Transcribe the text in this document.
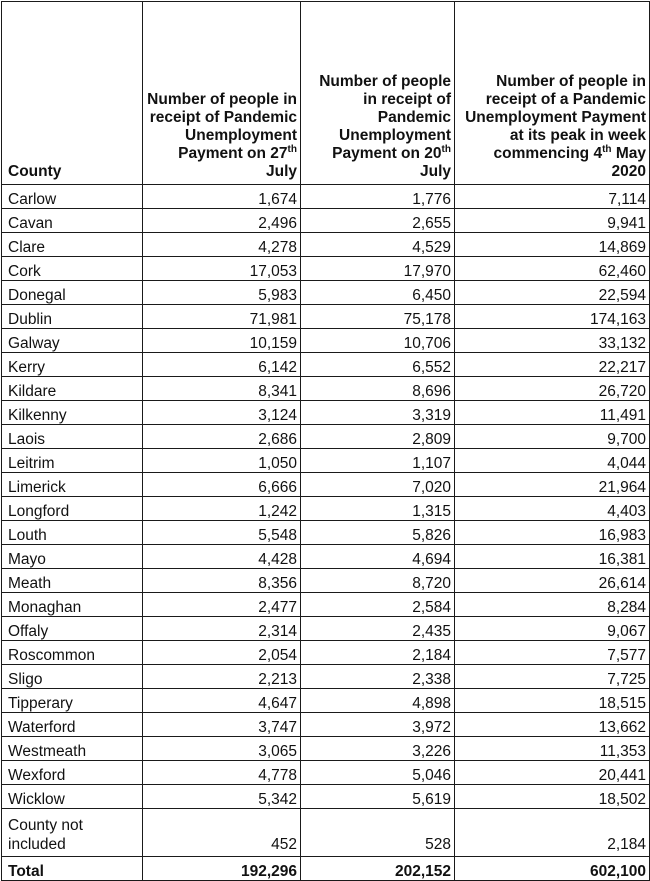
County	Number of people in receipt of Pandemic Unemployment Payment on 27th July	Number of people in receipt of Pandemic Unemployment Payment on 20th July	Number of people in receipt of a Pandemic Unemployment Payment at its peak in week commencing 4th May 2020
Carlow	1,674	1,776	7,114
Cavan	2,496	2,655	9,941
Clare	4,278	4,529	14,869
Cork	17,053	17,970	62,460
Donegal	5,983	6,450	22,594
Dublin	71,981	75,178	174,163
Galway	10,159	10,706	33,132
Kerry	6,142	6,552	22,217
Kildare	8,341	8,696	26,720
Kilkenny	3,124	3,319	11,491
Laois	2,686	2,809	9,700
Leitrim	1,050	1,107	4,044
Limerick	6,666	7,020	21,964
Longford	1,242	1,315	4,403
Louth	5,548	5,826	16,983
Mayo	4,428	4,694	16,381
Meath	8,356	8,720	26,614
Monaghan	2,477	2,584	8,284
Offaly	2,314	2,435	9,067
Roscommon	2,054	2,184	7,577
Sligo	2,213	2,338	7,725
Tipperary	4,647	4,898	18,515
Waterford	3,747	3,972	13,662
Westmeath	3,065	3,226	11,353
Wexford	4,778	5,046	20,441
Wicklow	5,342	5,619	18,502
County not included	452	528	2,184
Total	192,296	202,152	602,100
